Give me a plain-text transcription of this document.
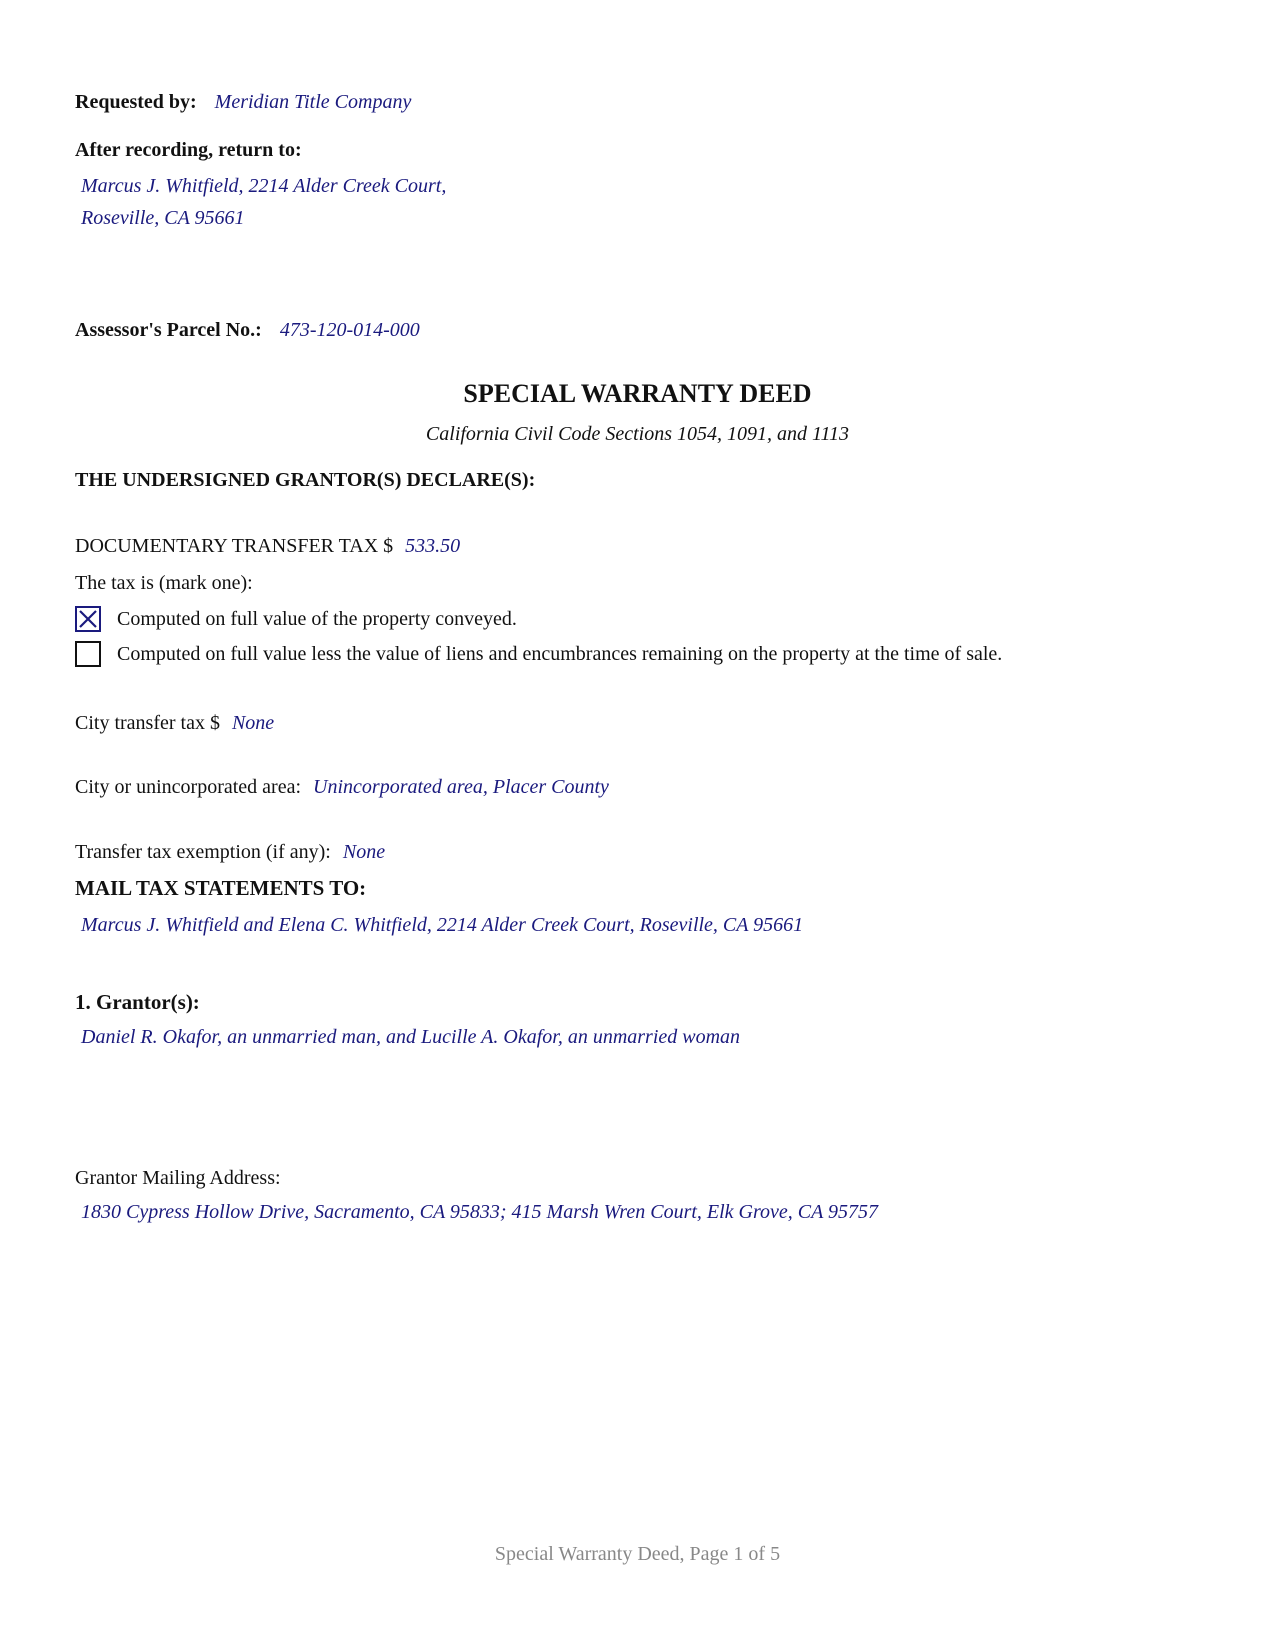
Requested by: Meridian Title Company
After recording, return to:
Marcus J. Whitfield, 2214 Alder Creek Court,
Roseville, CA 95661
Assessor's Parcel No.: 473-120-014-000
SPECIAL WARRANTY DEED
California Civil Code Sections 1054, 1091, and 1113
THE UNDERSIGNED GRANTOR(S) DECLARE(S):
DOCUMENTARY TRANSFER TAX $ 533.50
The tax is (mark one):
Computed on full value of the property conveyed.
Computed on full value less the value of liens and encumbrances remaining on the property at the time of sale.
City transfer tax $ None
City or unincorporated area: Unincorporated area, Placer County
Transfer tax exemption (if any): None
MAIL TAX STATEMENTS TO:
Marcus J. Whitfield and Elena C. Whitfield, 2214 Alder Creek Court, Roseville, CA 95661
1. Grantor(s):
Daniel R. Okafor, an unmarried man, and Lucille A. Okafor, an unmarried woman
Grantor Mailing Address:
1830 Cypress Hollow Drive, Sacramento, CA 95833; 415 Marsh Wren Court, Elk Grove, CA 95757
Special Warranty Deed, Page 1 of 5
